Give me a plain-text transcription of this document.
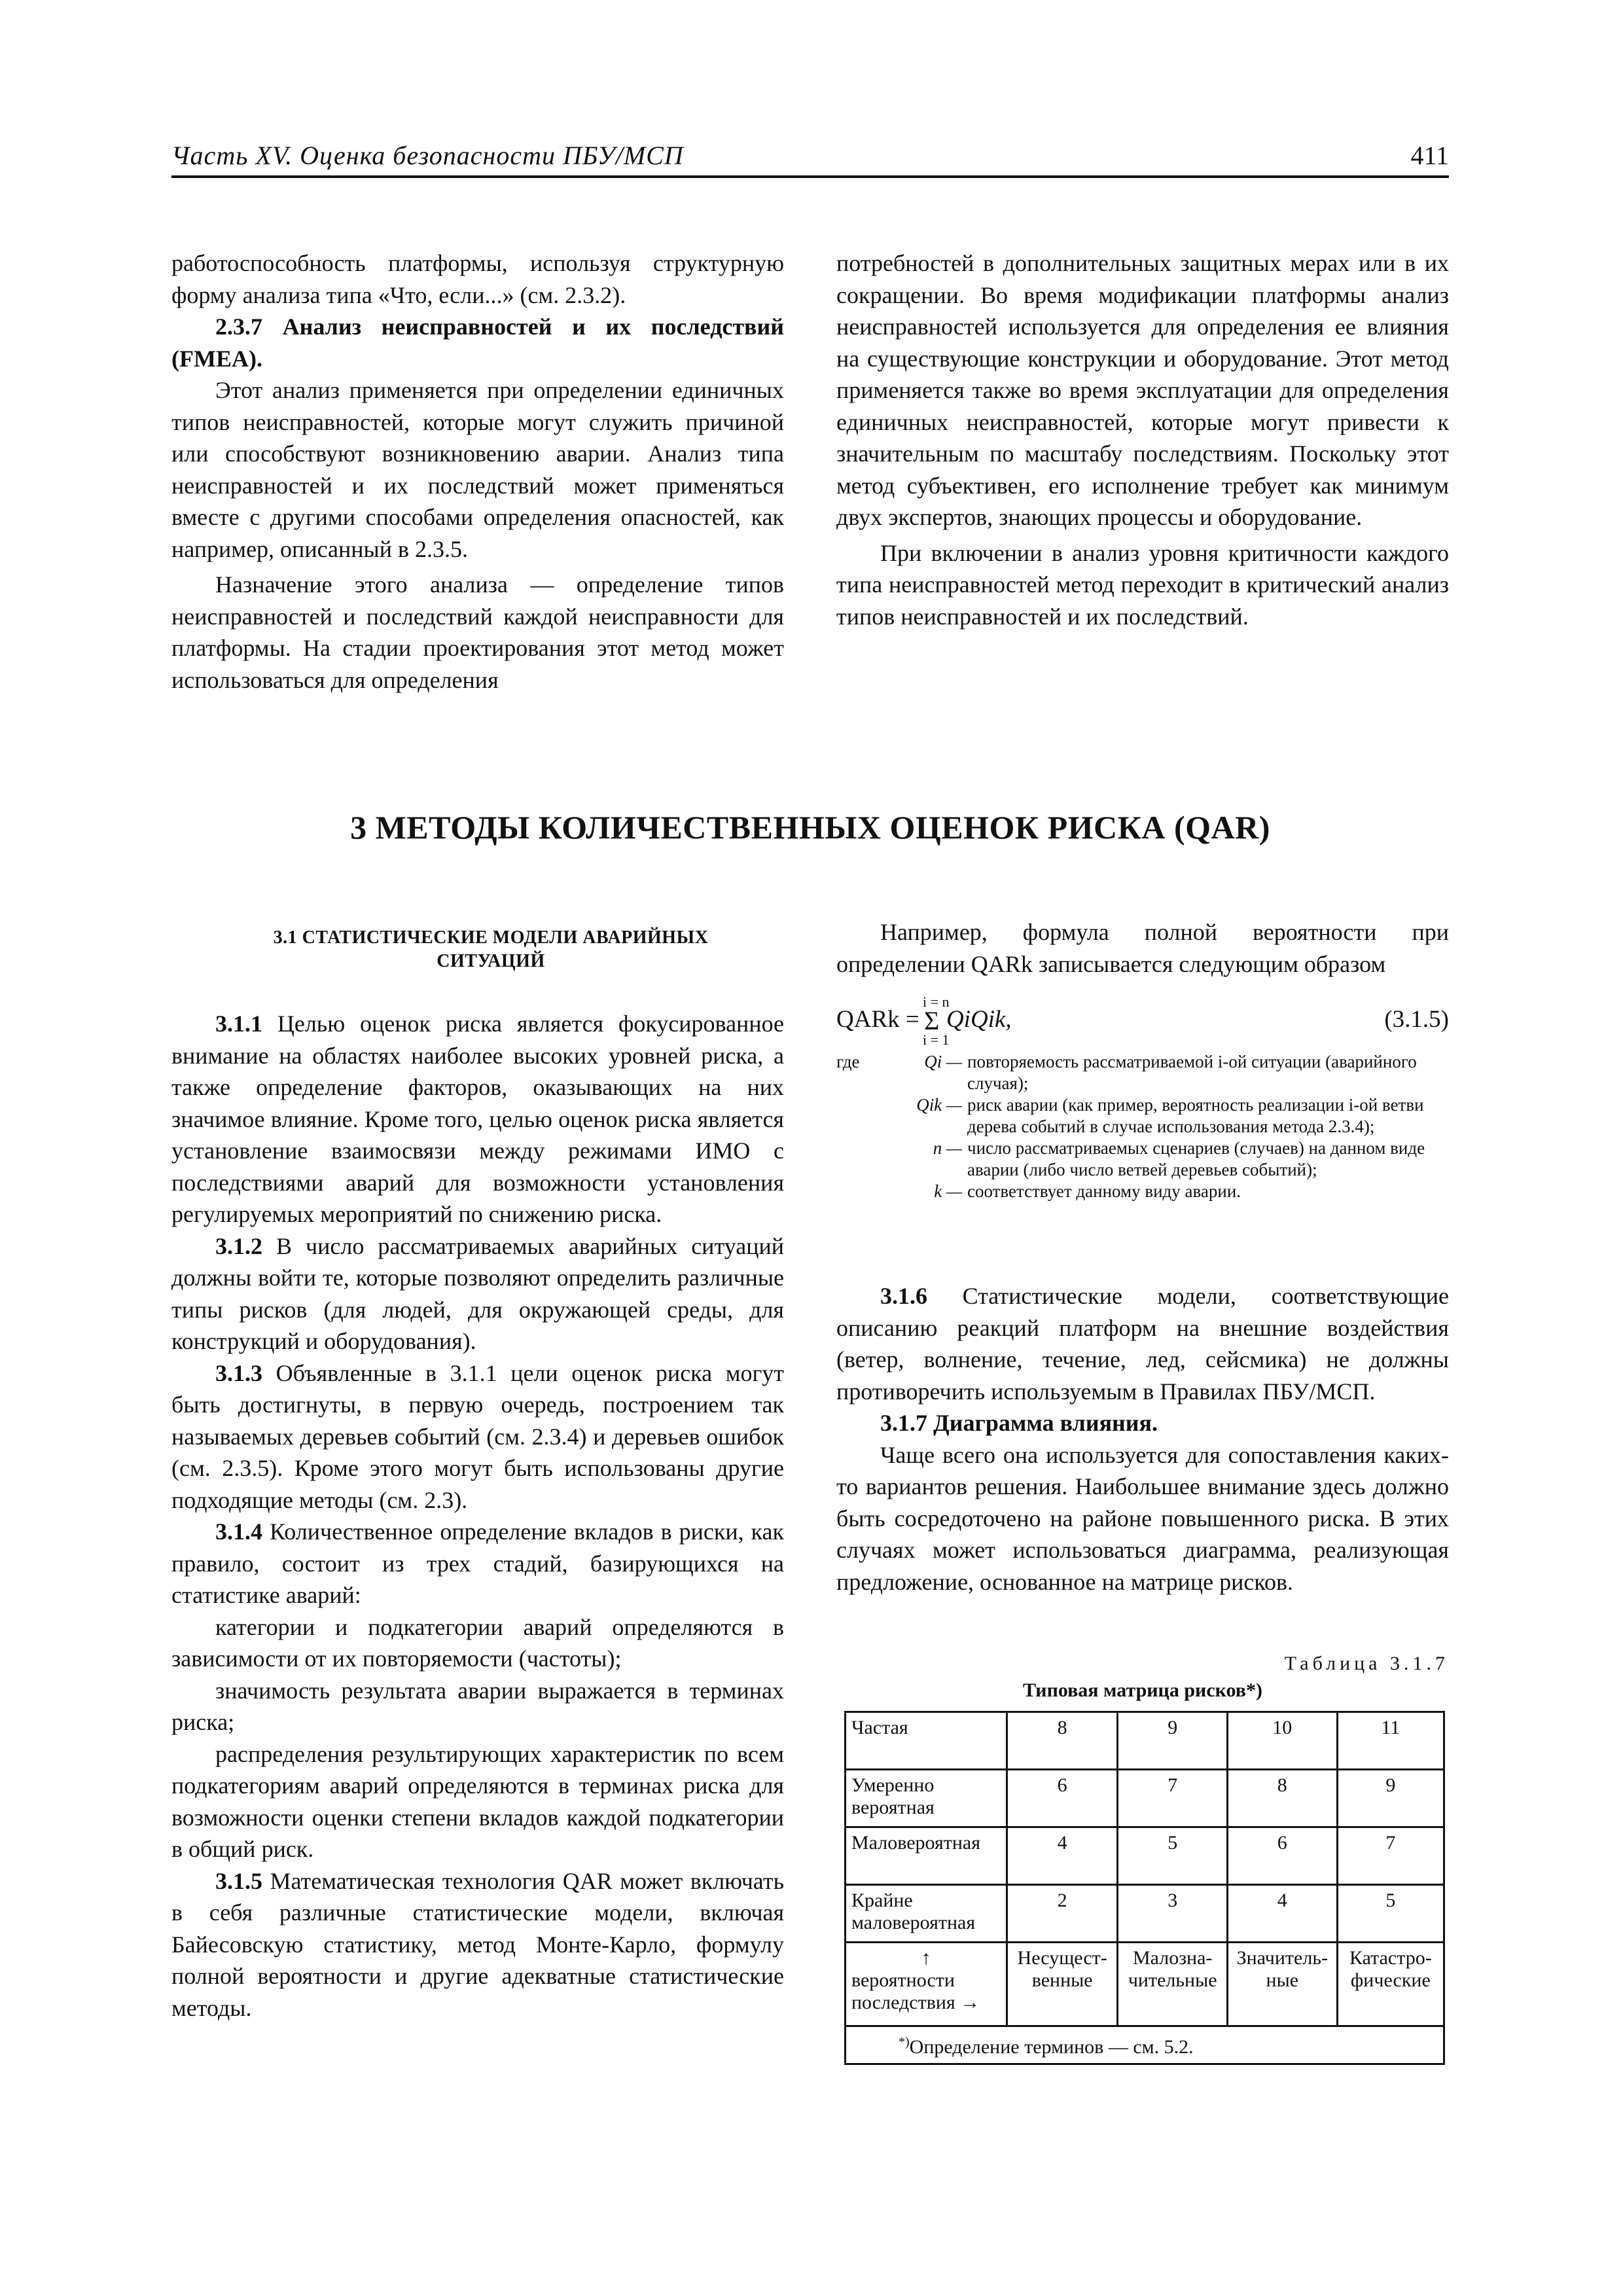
Часть XV. Оценка безопасности ПБУ/МСП	411

работоспособность платформы, используя структурную форму анализа типа «Что, если...» (см. 2.3.2).

2.3.7 Анализ неисправностей и их последствий (FMEA).

Этот анализ применяется при определении единичных типов неисправностей, которые могут служить причиной или способствуют возникновению аварии. Анализ типа неисправностей и их последствий может применяться вместе с другими способами определения опасностей, как например, описанный в 2.3.5.

Назначение этого анализа — определение типов неисправностей и последствий каждой неисправности для платформы. На стадии проектирования этот метод может использоваться для определения

потребностей в дополнительных защитных мерах или в их сокращении. Во время модификации платформы анализ неисправностей используется для определения ее влияния на существующие конструкции и оборудование. Этот метод применяется также во время эксплуатации для определения единичных неисправностей, которые могут привести к значительным по масштабу последствиям. Поскольку этот метод субъективен, его исполнение требует как минимум двух экспертов, знающих процессы и оборудование.

При включении в анализ уровня критичности каждого типа неисправностей метод переходит в критический анализ типов неисправностей и их последствий.

3 МЕТОДЫ КОЛИЧЕСТВЕННЫХ ОЦЕНОК РИСКА (QAR)
3.1 СТАТИСТИЧЕСКИЕ МОДЕЛИ АВАРИЙНЫХ СИТУАЦИЙ

3.1.1 Целью оценок риска является фокусированное внимание на областях наиболее высоких уровней риска, а также определение факторов, оказывающих на них значимое влияние. Кроме того, целью оценок риска является установление взаимосвязи между режимами ИМО с последствиями аварий для возможности установления регулируемых мероприятий по снижению риска.

3.1.2 В число рассматриваемых аварийных ситуаций должны войти те, которые позволяют определить различные типы рисков (для людей, для окружающей среды, для конструкций и оборудования).

3.1.3 Объявленные в 3.1.1 цели оценок риска могут быть достигнуты, в первую очередь, построением так называемых деревьев событий (см. 2.3.4) и деревьев ошибок (см. 2.3.5). Кроме этого могут быть использованы другие подходящие методы (см. 2.3).

3.1.4 Количественное определение вкладов в риски, как правило, состоит из трех стадий, базирующихся на статистике аварий:

категории и подкатегории аварий определяются в зависимости от их повторяемости (частоты);

значимость результата аварии выражается в терминах риска;

распределения результирующих характеристик по всем подкатегориям аварий определяются в терминах риска для возможности оценки степени вкладов каждой подкатегории в общий риск.

3.1.5 Математическая технология QAR может включать в себя различные статистические модели, включая Байесовскую статистику, метод Монте-Карло, формулу полной вероятности и другие адекватные статистические методы.

Например, формула полной вероятности при определении QARk записывается следующим образом

QARk =
i = n
Σ
i = 1
QiQik,	(3.1.5)
где	Qi — повторяемость рассматриваемой i-ой ситуации (аварийного случая);
Qik — риск аварии (как пример, вероятность реализации i-ой ветви дерева событий в случае использования метода 2.3.4);
n — число рассматриваемых сценариев (случаев) на данном виде аварии (либо число ветвей деревьев событий);
k — соответствует данному виду аварии.

3.1.6 Статистические модели, соответствующие описанию реакций платформ на внешние воздействия (ветер, волнение, течение, лед, сейсмика) не должны противоречить используемым в Правилах ПБУ/МСП.

3.1.7 Диаграмма влияния.

Чаще всего она используется для сопоставления каких-то вариантов решения. Наибольшее внимание здесь должно быть сосредоточено на районе повышенного риска. В этих случаях может использоваться диаграмма, реализующая предложение, основанное на матрице рисков.

Таблица 3.1.7
Типовая матрица рисков*)
Частая	8	9	10	11
Умеренно вероятная	6	7	8	9
Маловероятная	4	5	6	7
Крайне маловероятная	2	3	4	5

↑
вероятности
последствия →	Несущест-венные	Малозна-чительные	Значитель-ные	Катастро-фические
*)Определение терминов — см. 5.2.				
